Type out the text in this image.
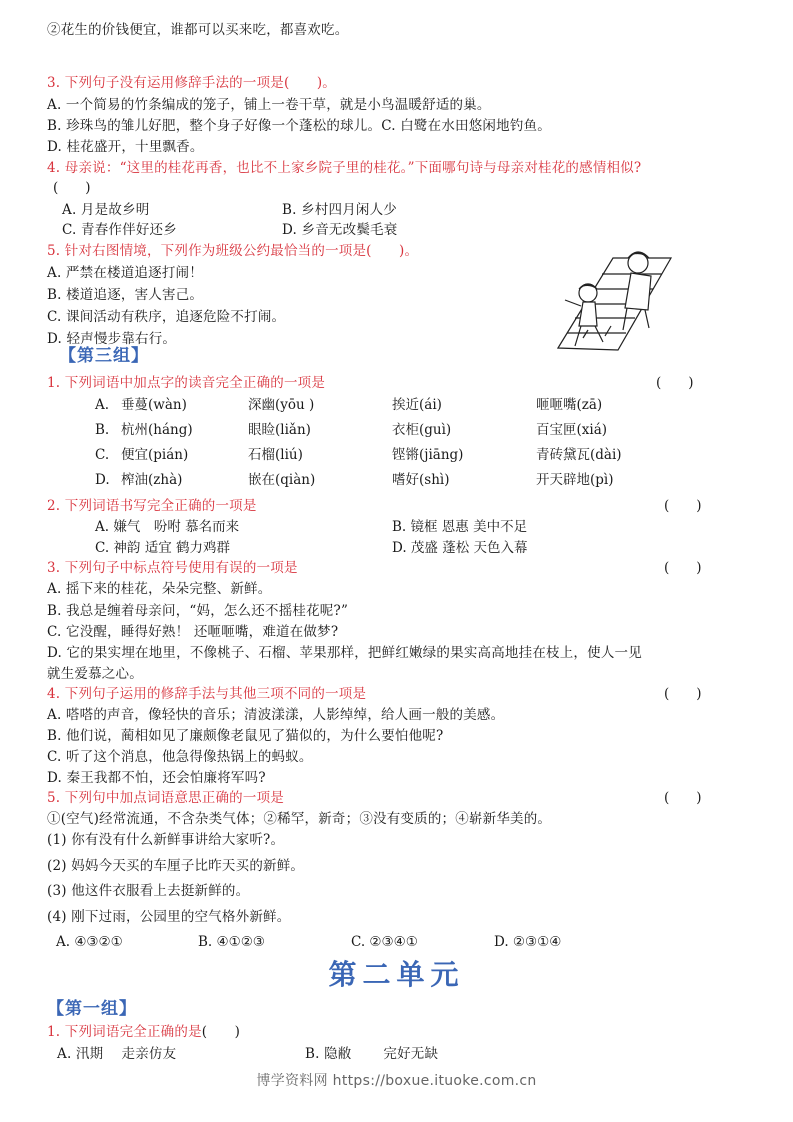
②花生的价钱便宜，谁都可以买来吃，都喜欢吃。
3. 下列句子没有运用修辞手法的一项是(　　)。
A. 一个简易的竹条编成的笼子，铺上一卷干草，就是小鸟温暖舒适的巢。
B. 珍珠鸟的雏儿好肥，整个身子好像一个蓬松的球儿。C. 白鹭在水田悠闲地钓鱼。
D. 桂花盛开，十里飘香。
4. 母亲说：“这里的桂花再香，也比不上家乡院子里的桂花。”下面哪句诗与母亲对桂花的感情相似?
(　　)
A. 月是故乡明	B. 乡村四月闲人少
C. 青春作伴好还乡	D. 乡音无改鬓毛衰
5. 针对右图情境，下列作为班级公约最恰当的一项是(　　)。
A. 严禁在楼道追逐打闹！
B. 楼道追逐，害人害己。
C. 课间活动有秩序，追逐危险不打闹。
D. 轻声慢步靠右行。
【第三组】
1. 下列词语中加点字的读音完全正确的一项是	(　　)
A. 垂蔓(wàn)	深幽(yōu )	挨近(ái)	咂咂嘴(zā)
B. 杭州(háng)	眼睑(liǎn)	衣柜(guì)	百宝匣(xiá)
C. 便宜(pián)	石榴(liú)	铿锵(jiāng)	青砖黛瓦(dài)
D. 榨油(zhà)	嵌在(qiàn)	嗜好(shì)	开天辟地(pì)
2. 下列词语书写完全正确的一项是	(　　)
A. 嫌气　吩咐 慕名而来	B. 镜框 恩惠 美中不足
C. 神韵 适宜 鹤力鸡群	D. 茂盛 蓬松 天色入幕
3. 下列句子中标点符号使用有误的一项是	(　　)
A. 摇下来的桂花，朵朵完整、新鲜。
B. 我总是缠着母亲问，“妈，怎么还不摇桂花呢?”
C. 它没醒，睡得好熟！ 还咂咂嘴，难道在做梦?
D. 它的果实埋在地里，不像桃子、石榴、苹果那样，把鲜红嫩绿的果实高高地挂在枝上，使人一见
就生爱慕之心。
4. 下列句子运用的修辞手法与其他三项不同的一项是	(　　)
A. 嗒嗒的声音，像轻快的音乐；清波漾漾，人影绰绰，给人画一般的美感。
B. 他们说，蔺相如见了廉颇像老鼠见了猫似的，为什么要怕他呢?
C. 听了这个消息，他急得像热锅上的蚂蚁。
D. 秦王我都不怕，还会怕廉将军吗?
5. 下列句中加点词语意思正确的一项是	(　　)
①(空气)经常流通，不含杂类气体；②稀罕，新奇；③没有变质的；④崭新华美的。
(1) 你有没有什么新鲜事讲给大家听?。
(2) 妈妈今天买的车厘子比昨天买的新鲜。
(3) 他这件衣服看上去挺新鲜的。
(4) 刚下过雨，公园里的空气格外新鲜。
A. ④③②①	B. ④①②③	C. ②③④①	D. ②③①④
第二单元
【第一组】
1. 下列词语完全正确的是(　　)
A. 汛期　 走亲仿友	B. 隐敝　　 完好无缺
博学资料网 https://boxue.ituoke.com.cn
